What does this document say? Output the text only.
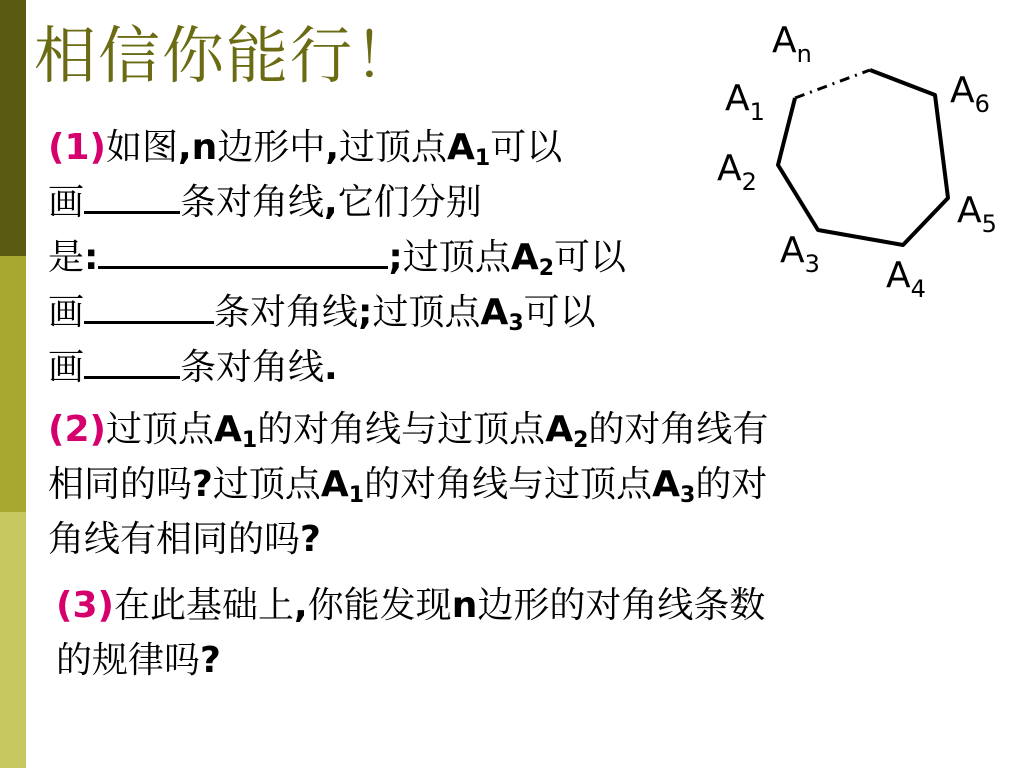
相信你能行！
(1)如图,n边形中,过顶点$A_1$可以
画	条对角线,它们分别
是:	;过顶点$A_2$可以
画	条对角线;过顶点$A_3$可以
画	条对角线.
(2)过顶点$A_1$的对角线与过顶点$A_2$的对角线有
相同的吗?过顶点$A_1$的对角线与过顶点$A_3$的对
角线有相同的吗?
(3)在此基础上,你能发现n边形的对角线条数
的规律吗?
$A_n$
$A_1$
$A_2$
$A_3$ $A_4$
$A_5$
$A_6$
